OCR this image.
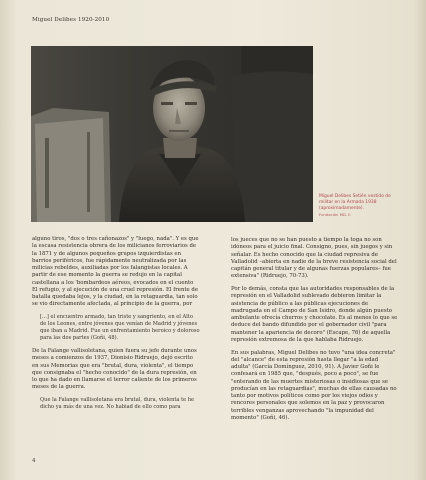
Miguel Delibes 1920-2010
Miguel Delibes Setién vestido de militar en la Armada 1938 (aproximadamente).
Fundación MD. II

alguno tiros, "dos o tres cañonazos" y "luego, nada". Y es que la escasa resistencia obrera de los milicianos ferroviarios de la 1871 y de algunos pequeños grupos izquierdistas en barrios periféricos, fue rápidamente neutralizada por las milicias rebeldes, auxiliadas por los falangistas locales. A partir de ese momento la guerra se redujo en la capital castellana a los 'bombardeos aéreos, evocados en el cuento El refugio, y al ejecución de una cruel represión. El frente de batalla quedaba lejos, y la ciudad, en la retaguardia, tan solo se vio directamente afectada, al principio de la guerra, por

[...] el encuentro armado, tan triste y sangriento, en el Alto de los Leones, entre jóvenes que venían de Madrid y jóvenes que iban a Madrid. Fue un enfrentamiento heroico y doloroso para las dos partes (Goñi, 48).

De la Falange vallisoletana, quien fuera su jefe durante unos meses a comienzos de 1937, Dionisio Ridruejo, dejó escrito en sus Memorias que era "brutal, dura, violenta", el tiempo que consignaba el "hecho conocido" de la dura represión, en lo que ha dado en llamarse el terror caliente de los primeros meses de la guerra.

Que la Falange vallisoletana era brutal, dura, violenta te he dicho ya más de una vez. No habiad de ello como para

los jueces que no se han puesto a tiempo la toga no son idóneos para el juicio final. Consigno, pues, sin juegos y sin señalar. Es hecho conocido que la ciudad represiva de Valladolid –abierta en nadie de la breve resistencia social del capitán general titular y de algunas fuerzas populares– fue extensiva" (Ridruejo, 70-73).

Por lo demás, consta que las autoridades responsables de la represión en el Valladolid sublevado debieron limitar la asistencia de público a las públicas ejecuciones de madrugada en el Campo de San Isidro, donde algún puesto ambulante ofrecía churros y chocolate. Es al menos lo que se deduce del bando difundido por el gobernador civil "para mantener la apariencia de decoro" (Escape, 76) de aquella represión extremosa de la que hablaba Ridruejo.

En sus palabras, Miguel Delibes no tuvo "una idea concreta" del "alcance" de esta represión hasta llegar "a la edad adulta" (García Domínguez, 2010, 91). A Javier Goñi le confesará en 1985 que, "después, poco a poco", se fue "enterando de las muertes misteriosas o insidiosas que se producían en las retaguardias", muchas de ellas causadas no tanto por motivos políticos como por los viejos odios y rencores personales que solemos en la paz y provocaron terribles venganzas aprovechando "la impunidad del momento" (Goñi, 46).

4
